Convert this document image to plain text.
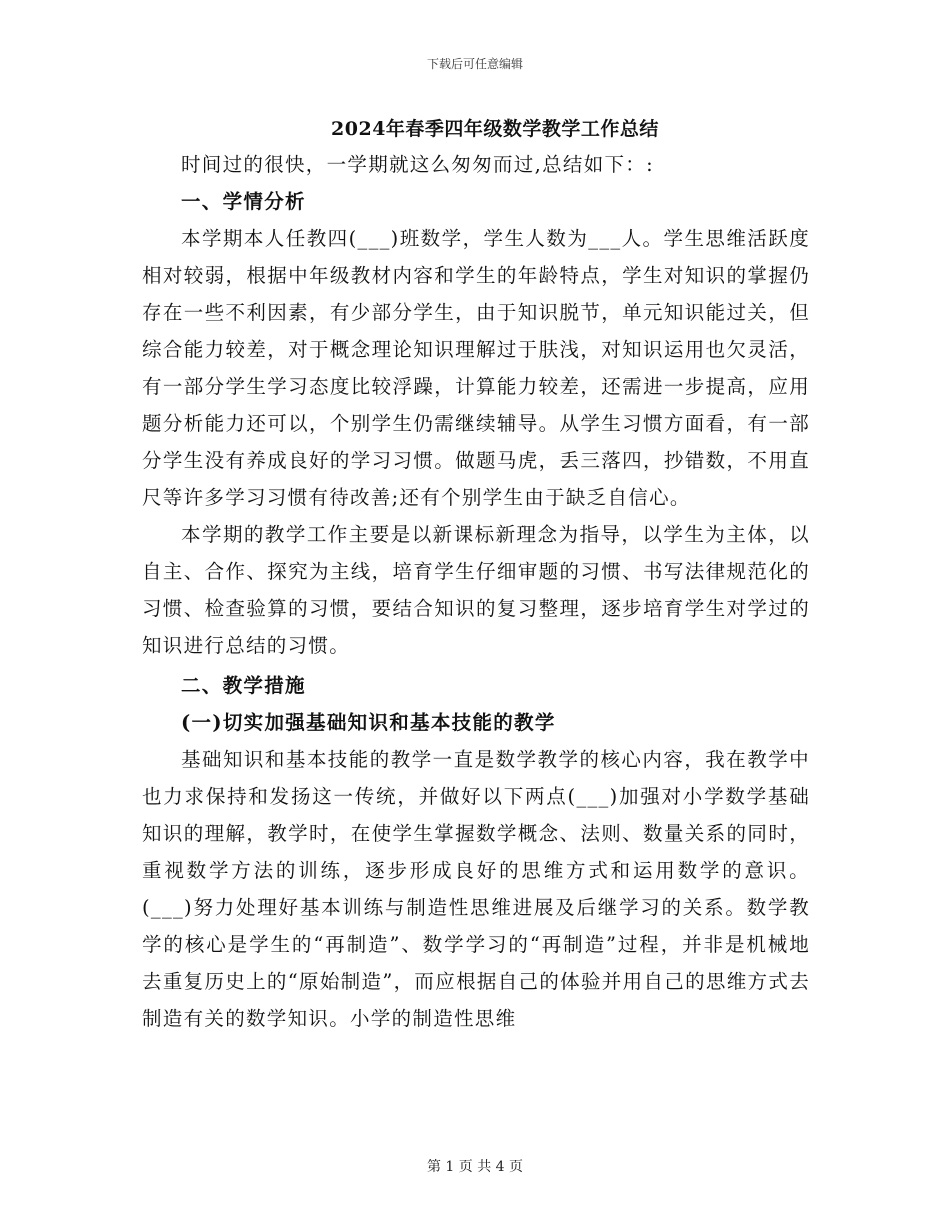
下载后可任意编辑
2024年春季四年级数学教学工作总结

时间过的很快，一学期就这么匆匆而过,总结如下：:

一、学情分析

本学期本人任教四(___)班数学，学生人数为___人。学生思维活跃度相对较弱，根据中年级教材内容和学生的年龄特点，学生对知识的掌握仍存在一些不利因素，有少部分学生，由于知识脱节，单元知识能过关，但综合能力较差，对于概念理论知识理解过于肤浅，对知识运用也欠灵活，有一部分学生学习态度比较浮躁，计算能力较差，还需进一步提高，应用题分析能力还可以，个别学生仍需继续辅导。从学生习惯方面看，有一部分学生没有养成良好的学习习惯。做题马虎，丢三落四，抄错数，不用直尺等许多学习习惯有待改善;还有个别学生由于缺乏自信心。

本学期的教学工作主要是以新课标新理念为指导，以学生为主体，以自主、合作、探究为主线，培育学生仔细审题的习惯、书写法律规范化的习惯、检查验算的习惯，要结合知识的复习整理，逐步培育学生对学过的知识进行总结的习惯。

二、教学措施

(一)切实加强基础知识和基本技能的教学

基础知识和基本技能的教学一直是数学教学的核心内容，我在教学中也力求保持和发扬这一传统，并做好以下两点(___)加强对小学数学基础知识的理解，教学时，在使学生掌握数学概念、法则、数量关系的同时，重视数学方法的训练，逐步形成良好的思维方式和运用数学的意识。(___)努力处理好基本训练与制造性思维进展及后继学习的关系。数学教学的核心是学生的“再制造”、数学学习的“再制造”过程，并非是机械地去重复历史上的“原始制造”，而应根据自己的体验并用自己的思维方式去制造有关的数学知识。小学的制造性思维

第 1 页 共 4 页
